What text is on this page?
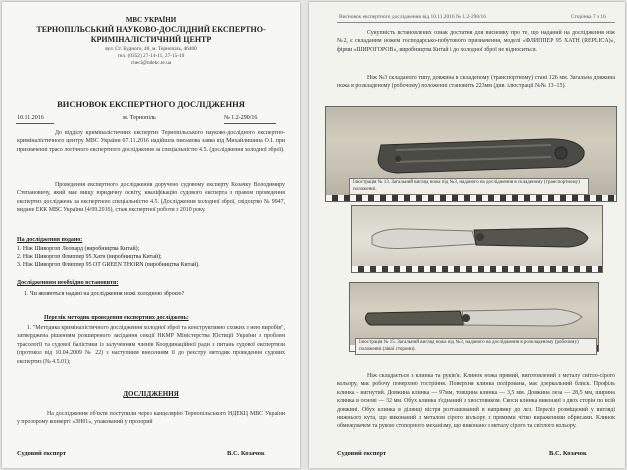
МВС УКРАЇНИ
ТЕРНОПІЛЬСЬКИЙ НАУКОВО-ДОСЛІДНИЙ ЕКСПЕРТНО-
КРИМІНАЛІСТИЧНИЙ ЦЕНТР
вул. Ст. Будного, 48, м. Тернопіль, 46400
тел. (0352) 27-14-11, 27-15-10
checi@ndekc.te.ua
ВИСНОВОК ЕКСПЕРТНОГО ДОСЛІДЖЕННЯ
10.11.2016	м. Тернопіль	№ 1.2-290/16
До відділу криміналістичних експертиз Тернопільського науково-дослідного експертно-криміналістичного центру МВС України 07.11.2016 надійшла письмова заява від Михайлишина О.І. при призначенні трасо логічного експертного дослідження за спеціальністю 4.5. (дослідження холодної зброї).
Проведення експертного дослідження доручено судовому експерту Козачку Володимиру Степановичу, який має вищу юридичну освіту, кваліфікацію судового експерта з правом проведення експертиз досліджень за експертною спеціальністю 4.5. (Дослідження холодної зброї, свідоцтво № 9947, видане ЕКК МВС України (4/09.2016), стаж експертної роботи з 2010 року.
На дослідження подано:
1. Ніж Шиворгоп Леопард (виробництва Китай);
2. Ніж Шиворгоп Флиппер 95 Хатн (виробництва Китай);
3. Ніж Шиворгоп Флиппер 95 OT GREEN THORN (виробництва Китай).
Дослідженням необхідно встановити:
1. Чи являються надані на дослідження ножі холодною зброєю?
Перелік методик проведення експертних досліджень:
1. "Методика криміналістичного дослідження холодної зброї та конструктивно схожих з нею виробів", затверджена рішенням розширеного засідання секції НКМР Міністерства Юстиції України з проблем трасології та судової балістики із залученням членів Координаційної ради з питань судової експертизи (протокол від 10.04.2009 № 22) з наступним внесенням її до реєстру методик проведення судових експертиз (№ 4.5.01);
ДОСЛІДЖЕННЯ
На дослідження об'єкти поступили через канцелярію Тернопільського НДЕКЦ МВС України у прозорому конверті «ЗН01», упакований у прозорий
Судовий експерт	В.С. Козачок
Висновок експертного дослідження від 10.11.2016 № 1.2-290/16	Сторінка 7 з 16
Сукупність встановлених ознак достатня для висновку про те, що наданий на дослідження ніж №2, є складаним ножем господарсько-побутового призначення, моделі «ФЛИППЕР 95 ХАТН (REPLICA)», фірми «ШИРОГОРОВ», виробництва Китай і до холодної зброї не відноситься.
Ніж №3 складаного типу, довжина в складеному (транспортному) стані 126 мм. Загальна довжина ножа в розкладеному (робочому) положенні становить 223мм (див. ілюстрації №№ 13–15).
Ілюстрація № 13. Загальний вигляд ножа під №3, наданого на дослідження в складеному (транспортному) положенні.
Ілюстрація № 15. Загальний вигляд ножа під №3, наданого на дослідження в розкладеному (робочому) положенні (лівої сторони).
Ніж складається з клинка та руків'я. Клинок ножа прямий, виготовлений з металу світло-сірого кольору, має робочу поверхню гостріння. Поверхня клинка полірована, має дзеркальний блиск. Профіль клинка - вигнутий. Довжина клинка — 97мм, товщина клинка — 3,5 мм. Довжина леза — 28,5 мм, ширина клинка в основі — 32 мм. Обух клинка з'єднаний з хвостовиком. Скоси клинка виконані з двох сторін по всій довжині. Обух клинка в ділянці вістря розташований в напрямку до лез. Переліз розміщений у вигляді нижнього кута, що виконаний з металом сірого кольору з прямими чітко вираженими обрисами. Клинок обмежувачем та рукою стопорного механізму, що виконано з металу сірого та світлого кольору.
Судовий експерт	В.С. Козачок
